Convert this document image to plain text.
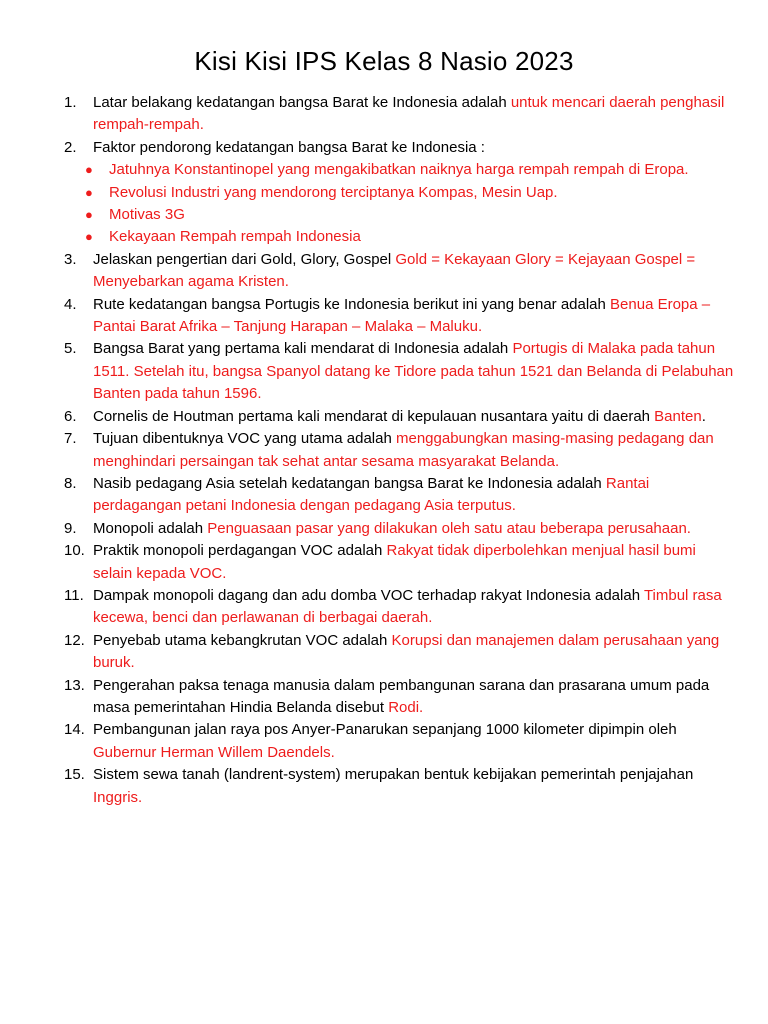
Kisi Kisi IPS Kelas 8 Nasio 2023
1.	Latar belakang kedatangan bangsa Barat ke Indonesia adalah untuk mencari daerah penghasil rempah-rempah.
2.	Faktor pendorong kedatangan bangsa Barat ke Indonesia :
● Jatuhnya Konstantinopel yang mengakibatkan naiknya harga rempah rempah di Eropa.
● Revolusi Industri yang mendorong terciptanya Kompas, Mesin Uap.
● Motivas 3G
● Kekayaan Rempah rempah Indonesia
3.	Jelaskan pengertian dari Gold, Glory, Gospel Gold = Kekayaan Glory = Kejayaan Gospel = Menyebarkan agama Kristen.
4.	Rute kedatangan bangsa Portugis ke Indonesia berikut ini yang benar adalah Benua Eropa – Pantai Barat Afrika – Tanjung Harapan – Malaka – Maluku.
5.	Bangsa Barat yang pertama kali mendarat di Indonesia adalah Portugis di Malaka pada tahun 1511. Setelah itu, bangsa Spanyol datang ke Tidore pada tahun 1521 dan Belanda di Pelabuhan Banten pada tahun 1596.
6.	Cornelis de Houtman pertama kali mendarat di kepulauan nusantara yaitu di daerah Banten.
7.	Tujuan dibentuknya VOC yang utama adalah menggabungkan masing-masing pedagang dan menghindari persaingan tak sehat antar sesama masyarakat Belanda.
8.	Nasib pedagang Asia setelah kedatangan bangsa Barat ke Indonesia adalah Rantai perdagangan petani Indonesia dengan pedagang Asia terputus.
9.	Monopoli adalah Penguasaan pasar yang dilakukan oleh satu atau beberapa perusahaan.
10. Praktik monopoli perdagangan VOC adalah Rakyat tidak diperbolehkan menjual hasil bumi selain kepada VOC.
11. Dampak monopoli dagang dan adu domba VOC terhadap rakyat Indonesia adalah Timbul rasa kecewa, benci dan perlawanan di berbagai daerah.
12. Penyebab utama kebangkrutan VOC adalah Korupsi dan manajemen dalam perusahaan yang buruk.
13. Pengerahan paksa tenaga manusia dalam pembangunan sarana dan prasarana umum pada masa pemerintahan Hindia Belanda disebut Rodi.
14. Pembangunan jalan raya pos Anyer-Panarukan sepanjang 1000 kilometer dipimpin oleh Gubernur Herman Willem Daendels.
15. Sistem sewa tanah (landrent-system) merupakan bentuk kebijakan pemerintah penjajahan Inggris.
